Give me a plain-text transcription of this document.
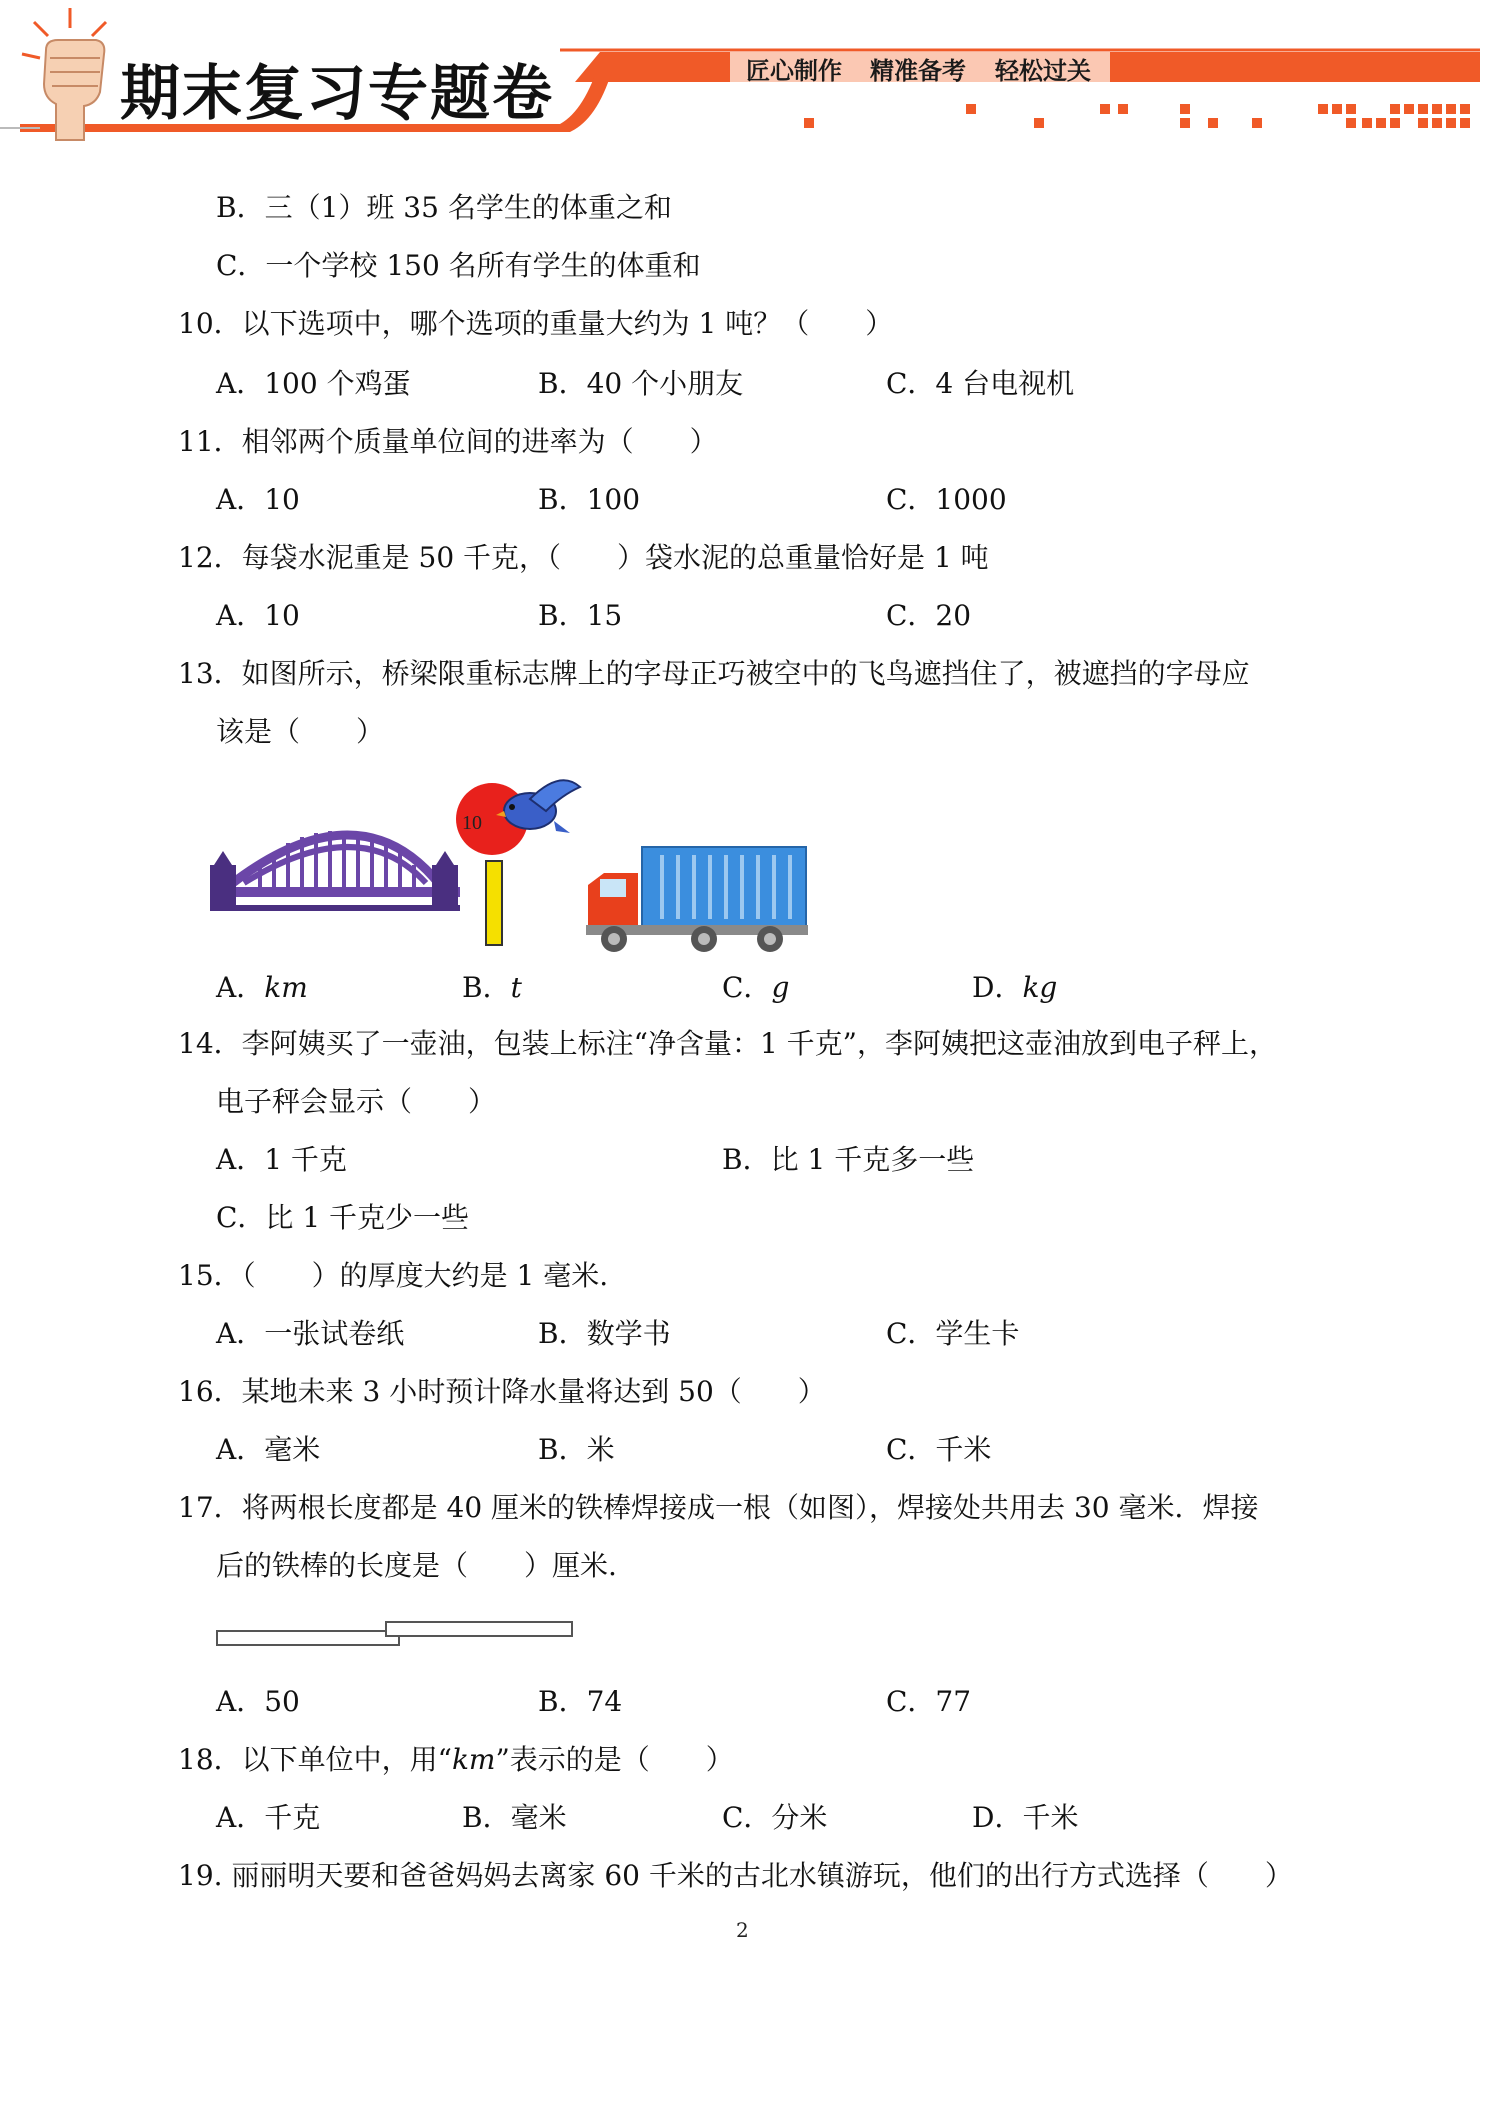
期末复习专题卷	匠心制作 精准备考 轻松过关
B．三（1）班 35 名学生的体重之和
C．一个学校 150 名所有学生的体重和
10．以下选项中，哪个选项的重量大约为 1 吨？（　　）
A．100 个鸡蛋	B．40 个小朋友	C．4 台电视机
11．相邻两个质量单位间的进率为（　　）
A．10	B．100	C．1000
12．每袋水泥重是 50 千克，（　　）袋水泥的总重量恰好是 1 吨
A．10	B．15	C．20
13．如图所示，桥梁限重标志牌上的字母正巧被空中的飞鸟遮挡住了，被遮挡的字母应
该是（　　）
10
A．km	B．t	C．g	D．kg
14．李阿姨买了一壶油，包装上标注“净含量：1 千克”，李阿姨把这壶油放到电子秤上，
电子秤会显示（　　）
A．1 千克	B．比 1 千克多一些
C．比 1 千克少一些
15．（　　）的厚度大约是 1 毫米.
A．一张试卷纸	B．数学书	C．学生卡
16．某地未来 3 小时预计降水量将达到 50（　　）
A．毫米	B．米	C．千米
17．将两根长度都是 40 厘米的铁棒焊接成一根（如图），焊接处共用去 30 毫米．焊接
后的铁棒的长度是（　　）厘米.
A．50	B．74	C．77
18．以下单位中，用“km”表示的是（　　）
A．千克	B．毫米	C．分米	D．千米
19. 丽丽明天要和爸爸妈妈去离家 60 千米的古北水镇游玩，他们的出行方式选择（　　）
2
